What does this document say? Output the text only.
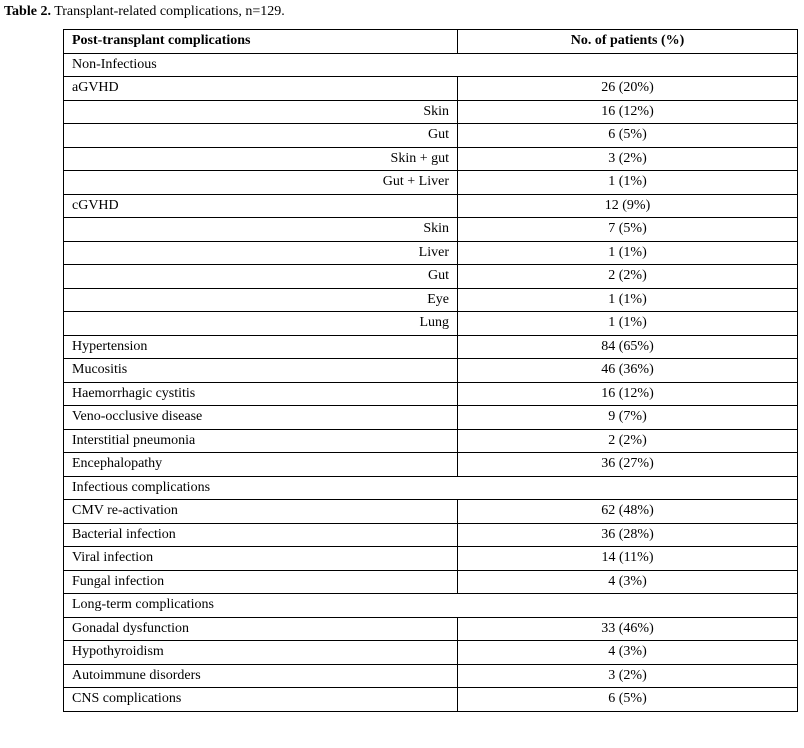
Table 2. Transplant-related complications, n=129.
Post-transplant complications	No. of patients (%)
Non-Infectious	
aGVHD	26 (20%)
Skin	16 (12%)
Gut	6 (5%)
Skin + gut	3 (2%)
Gut + Liver	1 (1%)
cGVHD	12 (9%)
Skin	7 (5%)
Liver	1 (1%)
Gut	2 (2%)
Eye	1 (1%)
Lung	1 (1%)
Hypertension	84 (65%)
Mucositis	46 (36%)
Haemorrhagic cystitis	16 (12%)
Veno-occlusive disease	9 (7%)
Interstitial pneumonia	2 (2%)
Encephalopathy	36 (27%)
Infectious complications	
CMV re-activation	62 (48%)
Bacterial infection	36 (28%)
Viral infection	14 (11%)
Fungal infection	4 (3%)
Long-term complications	
Gonadal dysfunction	33 (46%)
Hypothyroidism	4 (3%)
Autoimmune disorders	3 (2%)
CNS complications	6 (5%)
